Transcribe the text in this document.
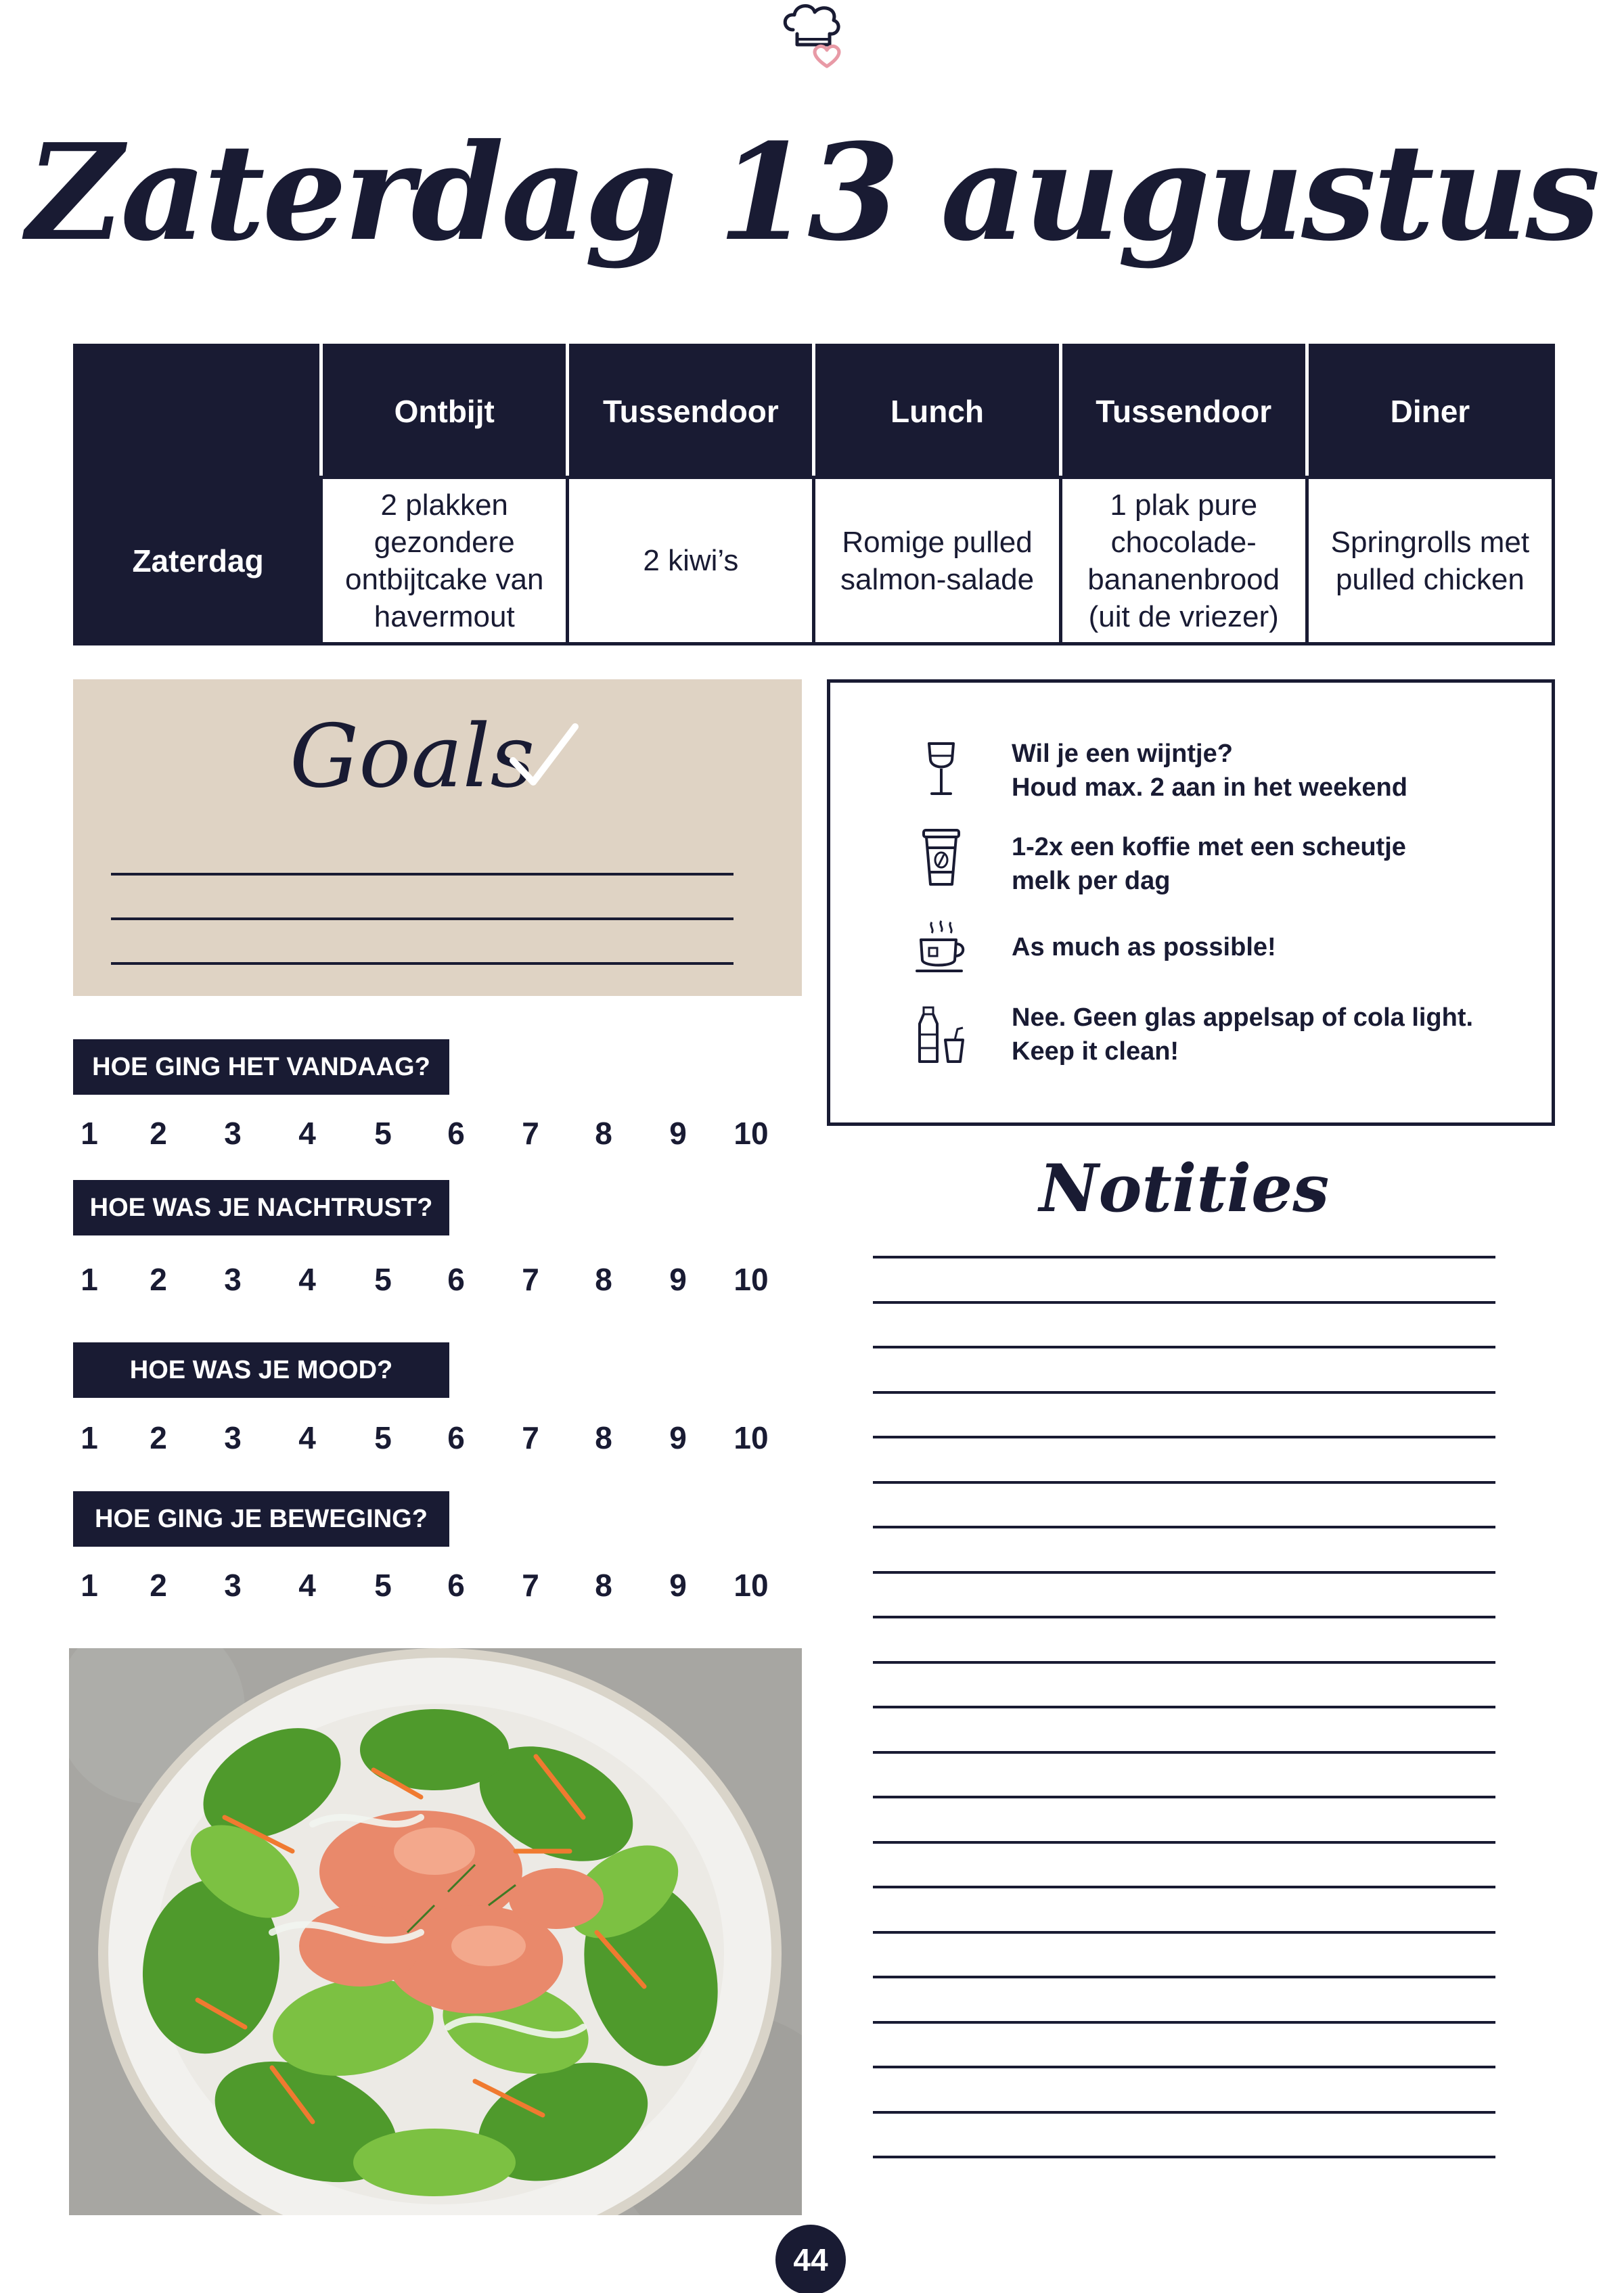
Zaterdag 13 augustus
	Ontbijt	Tussendoor	Lunch	Tussendoor	Diner
Zaterdag	2 plakken gezondere ontbijtcake van havermout	2 kiwi’s	Romige pulled salmon-salade	1 plak pure chocolade-bananenbrood (uit de vriezer)	Springrolls met pulled chicken
Goals	Wil je een wijntje?
Houd max. 2 aan in het weekend
1-2x een koffie met een scheutje
melk per dag
As much as possible!
Nee. Geen glas appelsap of cola light.
Keep it clean!
HOE GING HET VANDAAG?
1	2	3	4	5	6	7	8	9	10
HOE WAS JE NACHTRUST?
1	2	3	4	5	6	7	8	9	10
HOE WAS JE MOOD?
1	2	3	4	5	6	7	8	9	10
HOE GING JE BEWEGING?
1	2	3	4	5	6	7	8	9	10
Notities
44
